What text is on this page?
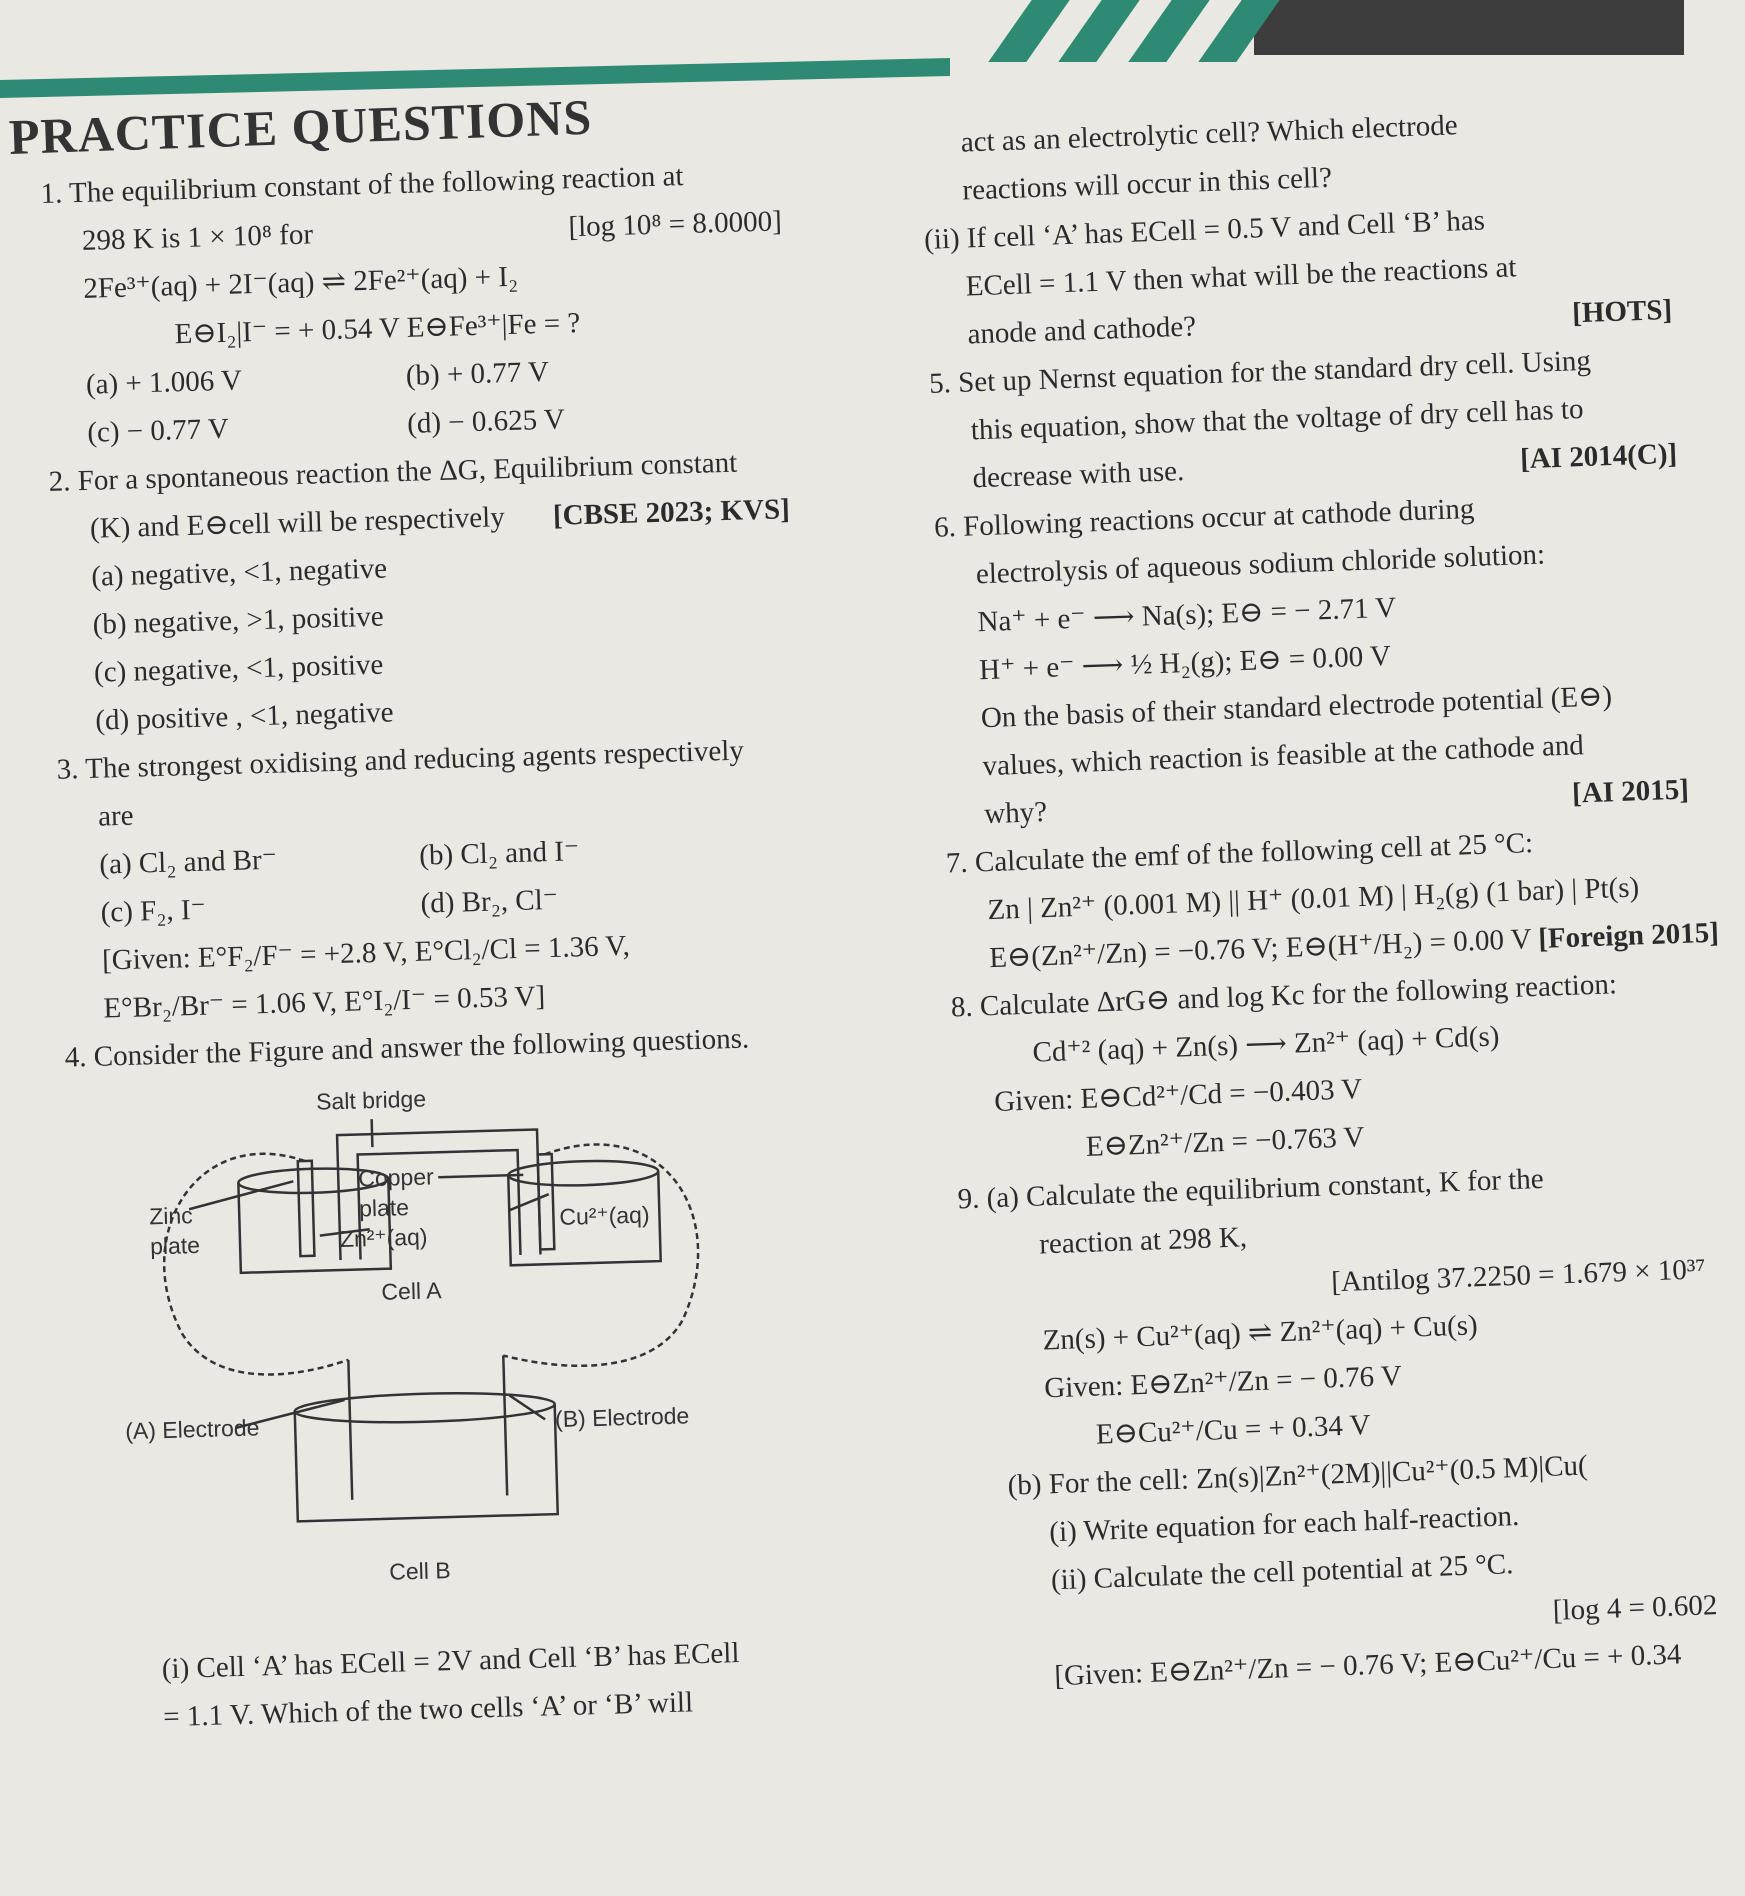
PRACTICE QUESTIONS
1. The equilibrium constant of the following reaction at
298 K is 1 × 10⁸ for	[log 10⁸ = 8.0000]
2Fe³⁺(aq) + 2I⁻(aq) ⇌ 2Fe²⁺(aq) + I₂
E⊖I₂|I⁻ = + 0.54 V E⊖Fe³⁺|Fe = ?
(a) + 1.006 V	(b) + 0.77 V
(c) − 0.77 V	(d) − 0.625 V
2. For a spontaneous reaction the ΔG, Equilibrium constant
(K) and E⊖cell will be respectively [CBSE 2023; KVS]
(a) negative, <1, negative
(b) negative, >1, positive
(c) negative, <1, positive
(d) positive , <1, negative
3. The strongest oxidising and reducing agents respectively
are
(a) Cl₂ and Br⁻	(b) Cl₂ and I⁻
(c) F₂, I⁻	(d) Br₂, Cl⁻
[Given: E°F₂/F⁻ = +2.8 V, E°Cl₂/Cl = 1.36 V,
E°Br₂/Br⁻ = 1.06 V, E°I₂/I⁻ = 0.53 V]
4. Consider the Figure and answer the following questions.
Salt bridge
Zinc
plate
Copper
plate
Zn²⁺(aq)
Cu²⁺(aq)
Cell A
(A) Electrode	(B) Electrode
Cell B
(i) Cell ‘A’ has ECell = 2V and Cell ‘B’ has ECell
= 1.1 V. Which of the two cells ‘A’ or ‘B’ will
act as an electrolytic cell? Which electrode
reactions will occur in this cell?
(ii) If cell ‘A’ has ECell = 0.5 V and Cell ‘B’ has
ECell = 1.1 V then what will be the reactions at
anode and cathode?	[HOTS]
5. Set up Nernst equation for the standard dry cell. Using
this equation, show that the voltage of dry cell has to
decrease with use.	[AI 2014(C)]
6. Following reactions occur at cathode during
electrolysis of aqueous sodium chloride solution:
Na⁺ + e⁻ ⟶ Na(s); E⊖ = − 2.71 V
H⁺ + e⁻ ⟶ ½ H₂(g); E⊖ = 0.00 V
On the basis of their standard electrode potential (E⊖)
values, which reaction is feasible at the cathode and
why?
[AI 2015]
7. Calculate the emf of the following cell at 25 °C:
Zn | Zn²⁺ (0.001 M) || H⁺ (0.01 M) | H₂(g) (1 bar) | Pt(s)
E⊖(Zn²⁺/Zn) = −0.76 V; E⊖(H⁺/H₂) = 0.00 V [Foreign 2015]
8. Calculate ΔrG⊖ and log Kc for the following reaction:
Cd⁺² (aq) + Zn(s) ⟶ Zn²⁺ (aq) + Cd(s)
Given: E⊖Cd²⁺/Cd = −0.403 V
E⊖Zn²⁺/Zn = −0.763 V
9. (a) Calculate the equilibrium constant, K for the
reaction at 298 K,
[Antilog 37.2250 = 1.679 × 10³⁷

Zn(s) + Cu²⁺(aq) ⇌ Zn²⁺(aq) + Cu(s)
Given: E⊖Zn²⁺/Zn = − 0.76 V
E⊖Cu²⁺/Cu = + 0.34 V
(b) For the cell: Zn(s)|Zn²⁺(2M)||Cu²⁺(0.5 M)|Cu(
(i) Write equation for each half-reaction.
(ii) Calculate the cell potential at 25 °C.
[log 4 = 0.602

[Given: E⊖Zn²⁺/Zn = − 0.76 V; E⊖Cu²⁺/Cu = + 0.34
